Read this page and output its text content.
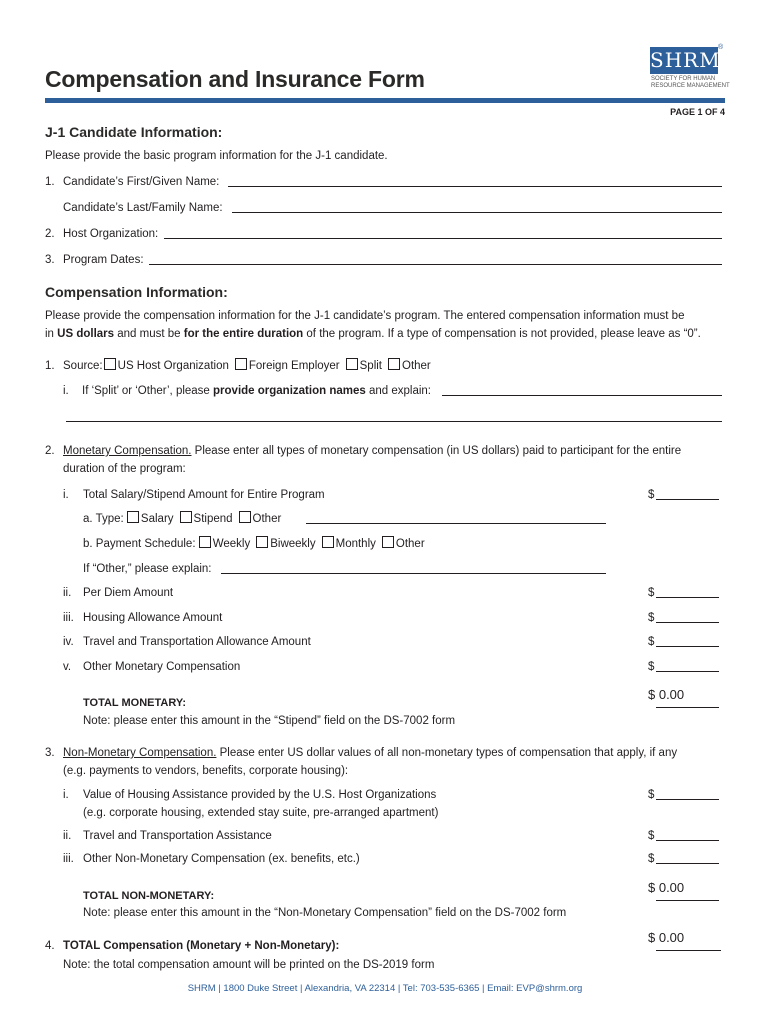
Compensation and Insurance Form
SHRM
®
SOCIETY FOR HUMAN
RESOURCE MANAGEMENT
PAGE 1 OF 4
J-1 Candidate Information:
Please provide the basic program information for the J-1 candidate.
1. Candidate’s First/Given Name:
Candidate’s Last/Family Name:
2. Host Organization:
3. Program Dates:
Compensation Information:
Please provide the compensation information for the J-1 candidate’s program. The entered compensation information must be
in US dollars and must be for the entire duration of the program. If a type of compensation is not provided, please leave as “0”.
1. Source: US Host Organization Foreign Employer Split Other
i. If ‘Split’ or ‘Other’, please provide organization names and explain:
2. Monetary Compensation. Please enter all types of monetary compensation (in US dollars) paid to participant for the entire
duration of the program:
i. Total Salary/Stipend Amount for Entire Program	$
a. Type: Salary Stipend Other
b. Payment Schedule: Weekly Biweekly Monthly Other
If “Other,” please explain:
ii. Per Diem Amount	$
iii. Housing Allowance Amount	$
iv. Travel and Transportation Allowance Amount	$
v. Other Monetary Compensation	$
TOTAL MONETARY:
$ 0.00
Note: please enter this amount in the “Stipend” field on the DS-7002 form
3. Non-Monetary Compensation. Please enter US dollar values of all non-monetary types of compensation that apply, if any
(e.g. payments to vendors, benefits, corporate housing):
i. Value of Housing Assistance provided by the U.S. Host Organizations
(e.g. corporate housing, extended stay suite, pre-arranged apartment)
$
ii. Travel and Transportation Assistance	$
iii. Other Non-Monetary Compensation (ex. benefits, etc.)	$
TOTAL NON-MONETARY:
$ 0.00
Note: please enter this amount in the “Non-Monetary Compensation” field on the DS-7002 form
4. TOTAL Compensation (Monetary + Non-Monetary):
$ 0.00
Note: the total compensation amount will be printed on the DS-2019 form
SHRM | 1800 Duke Street | Alexandria, VA 22314 | Tel: 703-535-6365 | Email: EVP@shrm.org
